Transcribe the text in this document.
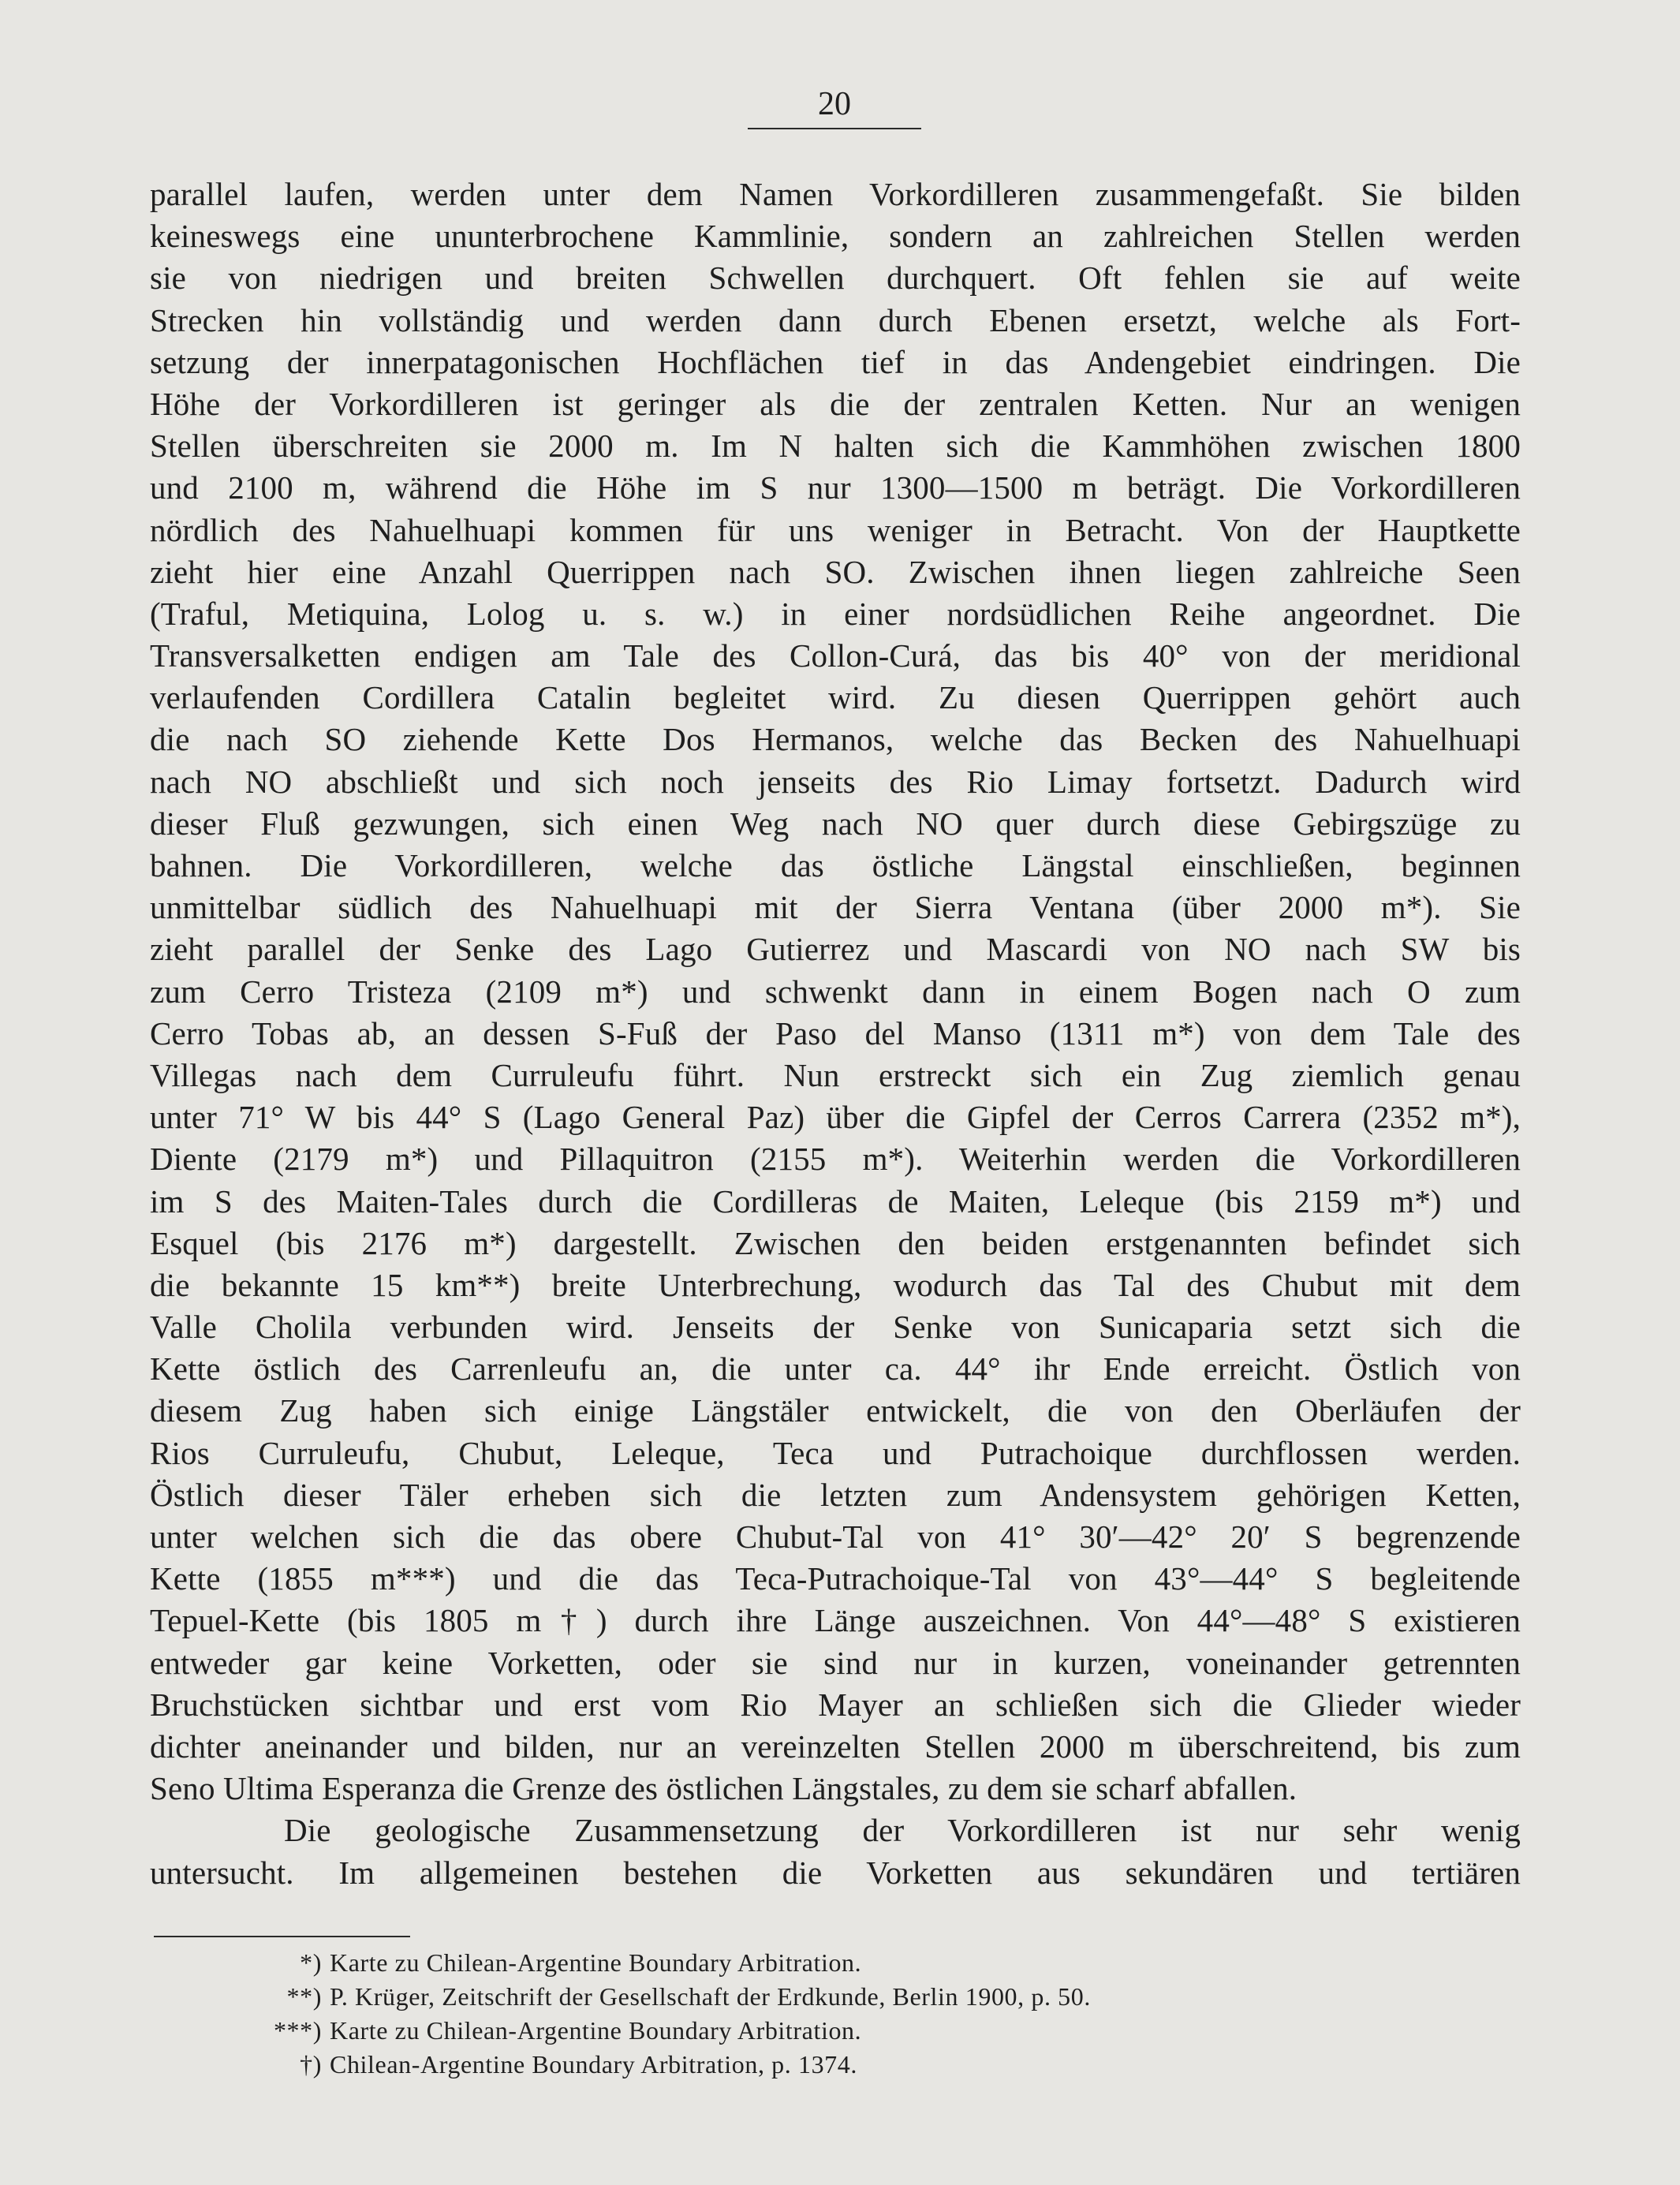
20
parallel laufen, werden unter dem Namen Vorkordilleren zusammengefaßt. Sie bilden
keineswegs eine ununterbrochene Kammlinie, sondern an zahlreichen Stellen werden
sie von niedrigen und breiten Schwellen durchquert. Oft fehlen sie auf weite
Strecken hin vollständig und werden dann durch Ebenen ersetzt, welche als Fort-
setzung der innerpatagonischen Hochflächen tief in das Andengebiet eindringen. Die
Höhe der Vorkordilleren ist geringer als die der zentralen Ketten. Nur an wenigen
Stellen überschreiten sie 2000 m. Im N halten sich die Kammhöhen zwischen 1800
und 2100 m, während die Höhe im S nur 1300—1500 m beträgt. Die Vorkordilleren
nördlich des Nahuelhuapi kommen für uns weniger in Betracht. Von der Hauptkette
zieht hier eine Anzahl Querrippen nach SO. Zwischen ihnen liegen zahlreiche Seen
(Traful, Metiquina, Lolog u. s. w.) in einer nordsüdlichen Reihe angeordnet. Die
Transversalketten endigen am Tale des Collon-Curá, das bis 40° von der meridional
verlaufenden Cordillera Catalin begleitet wird. Zu diesen Querrippen gehört auch
die nach SO ziehende Kette Dos Hermanos, welche das Becken des Nahuelhuapi
nach NO abschließt und sich noch jenseits des Rio Limay fortsetzt. Dadurch wird
dieser Fluß gezwungen, sich einen Weg nach NO quer durch diese Gebirgszüge zu
bahnen. Die Vorkordilleren, welche das östliche Längstal einschließen, beginnen
unmittelbar südlich des Nahuelhuapi mit der Sierra Ventana (über 2000 m*). Sie
zieht parallel der Senke des Lago Gutierrez und Mascardi von NO nach SW bis
zum Cerro Tristeza (2109 m*) und schwenkt dann in einem Bogen nach O zum
Cerro Tobas ab, an dessen S-Fuß der Paso del Manso (1311 m*) von dem Tale des
Villegas nach dem Curruleufu führt. Nun erstreckt sich ein Zug ziemlich genau
unter 71° W bis 44° S (Lago General Paz) über die Gipfel der Cerros Carrera (2352 m*),
Diente (2179 m*) und Pillaquitron (2155 m*). Weiterhin werden die Vorkordilleren
im S des Maiten-Tales durch die Cordilleras de Maiten, Leleque (bis 2159 m*) und
Esquel (bis 2176 m*) dargestellt. Zwischen den beiden erstgenannten befindet sich
die bekannte 15 km**) breite Unterbrechung, wodurch das Tal des Chubut mit dem
Valle Cholila verbunden wird. Jenseits der Senke von Sunicaparia setzt sich die
Kette östlich des Carrenleufu an, die unter ca. 44° ihr Ende erreicht. Östlich von
diesem Zug haben sich einige Längstäler entwickelt, die von den Oberläufen der
Rios Curruleufu, Chubut, Leleque, Teca und Putrachoique durchflossen werden.
Östlich dieser Täler erheben sich die letzten zum Andensystem gehörigen Ketten,
unter welchen sich die das obere Chubut-Tal von 41° 30′—42° 20′ S begrenzende
Kette (1855 m***) und die das Teca-Putrachoique-Tal von 43°—44° S begleitende
Tepuel-Kette (bis 1805 m†) durch ihre Länge auszeichnen. Von 44°—48° S existieren
entweder gar keine Vorketten, oder sie sind nur in kurzen, voneinander getrennten
Bruchstücken sichtbar und erst vom Rio Mayer an schließen sich die Glieder wieder
dichter aneinander und bilden, nur an vereinzelten Stellen 2000 m überschreitend, bis zum
Seno Ultima Esperanza die Grenze des östlichen Längstales, zu dem sie scharf abfallen.
Die geologische Zusammensetzung der Vorkordilleren ist nur sehr wenig
untersucht. Im allgemeinen bestehen die Vorketten aus sekundären und tertiären
*) Karte zu Chilean-Argentine Boundary Arbitration.
**) P. Krüger, Zeitschrift der Gesellschaft der Erdkunde, Berlin 1900, p. 50.
***) Karte zu Chilean-Argentine Boundary Arbitration.
†) Chilean-Argentine Boundary Arbitration, p. 1374.
